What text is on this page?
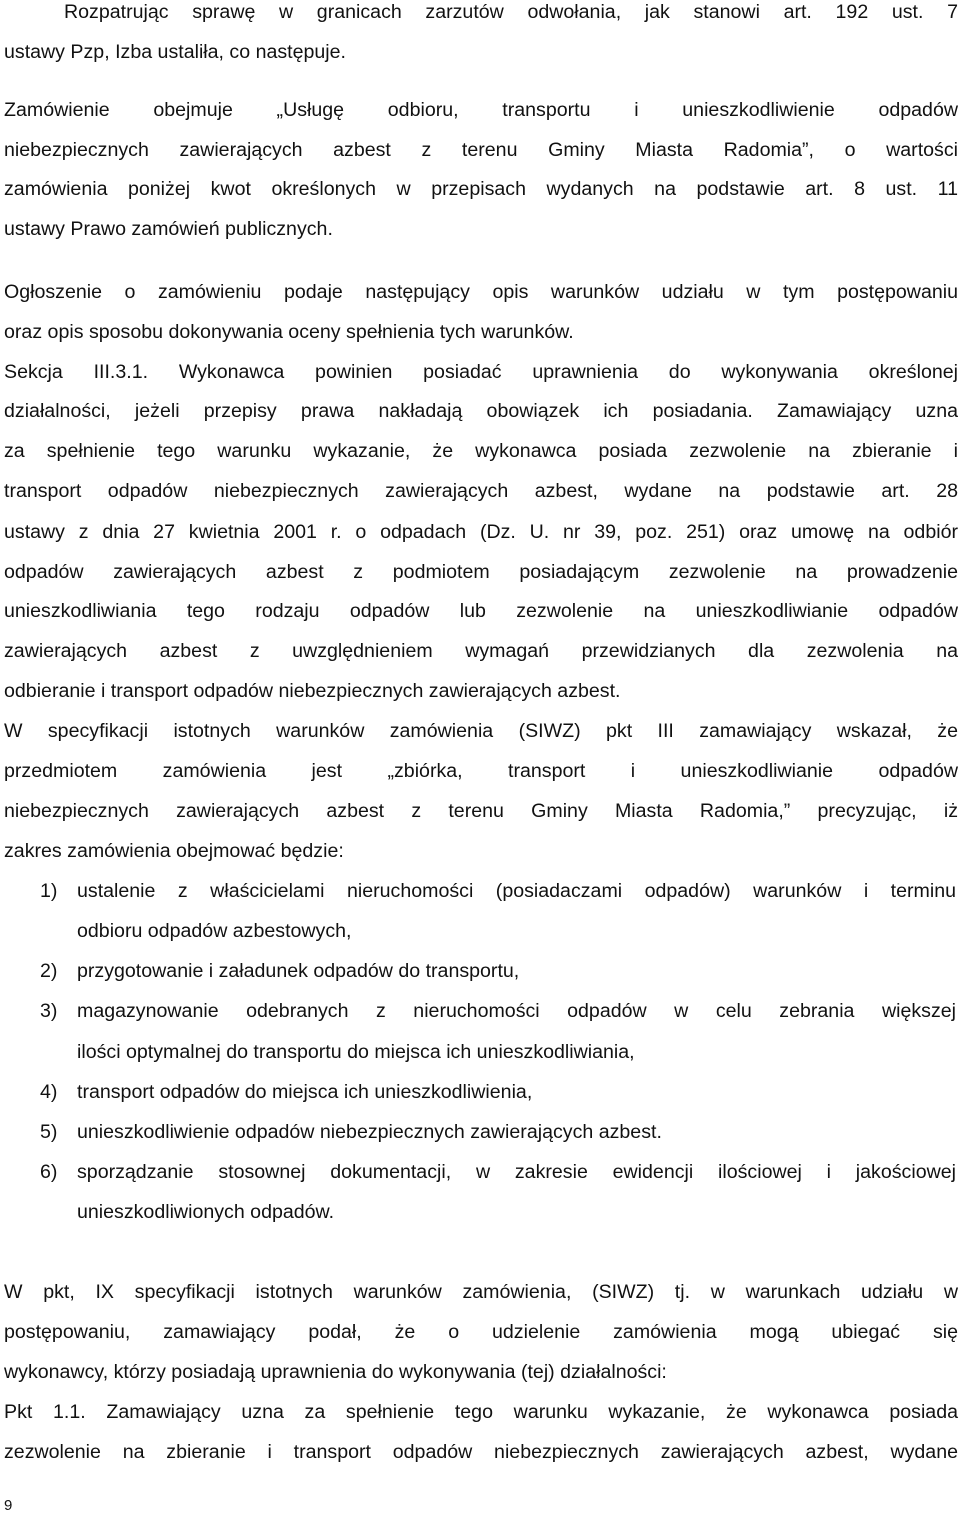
Rozpatrując sprawę w granicach zarzutów odwołania, jak stanowi art. 192 ust. 7
ustawy Pzp, Izba ustaliła, co następuje.
Zamówienie obejmuje „Usługę odbioru, transportu i unieszkodliwienie odpadów
niebezpiecznych zawierających azbest z terenu Gminy Miasta Radomia”, o wartości
zamówienia poniżej kwot określonych w przepisach wydanych na podstawie art. 8 ust. 11
ustawy Prawo zamówień publicznych.
Ogłoszenie o zamówieniu podaje następujący opis warunków udziału w tym postępowaniu
oraz opis sposobu dokonywania oceny spełnienia tych warunków.
Sekcja III.3.1. Wykonawca powinien posiadać uprawnienia do wykonywania określonej
działalności, jeżeli przepisy prawa nakładają obowiązek ich posiadania. Zamawiający uzna
za spełnienie tego warunku wykazanie, że wykonawca posiada zezwolenie na zbieranie i
transport odpadów niebezpiecznych zawierających azbest, wydane na podstawie art. 28
ustawy z dnia 27 kwietnia 2001 r. o odpadach (Dz. U. nr 39, poz. 251) oraz umowę na odbiór
odpadów zawierających azbest z podmiotem posiadającym zezwolenie na prowadzenie
unieszkodliwiania tego rodzaju odpadów lub zezwolenie na unieszkodliwianie odpadów
zawierających azbest z uwzględnieniem wymagań przewidzianych dla zezwolenia na
odbieranie i transport odpadów niebezpiecznych zawierających azbest.
W specyfikacji istotnych warunków zamówienia (SIWZ) pkt III zamawiający wskazał, że
przedmiotem zamówienia jest „zbiórka, transport i unieszkodliwianie odpadów
niebezpiecznych zawierających azbest z terenu Gminy Miasta Radomia,” precyzując, iż
zakres zamówienia obejmować będzie:
1) ustalenie z właścicielami nieruchomości (posiadaczami odpadów) warunków i terminu
odbioru odpadów azbestowych,
2) przygotowanie i załadunek odpadów do transportu,
3) magazynowanie odebranych z nieruchomości odpadów w celu zebrania większej
ilości optymalnej do transportu do miejsca ich unieszkodliwiania,
4) transport odpadów do miejsca ich unieszkodliwienia,
5) unieszkodliwienie odpadów niebezpiecznych zawierających azbest.
6) sporządzanie stosownej dokumentacji, w zakresie ewidencji ilościowej i jakościowej
unieszkodliwionych odpadów.
W pkt, IX specyfikacji istotnych warunków zamówienia, (SIWZ) tj. w warunkach udziału w
postępowaniu, zamawiający podał, że o udzielenie zamówienia mogą ubiegać się
wykonawcy, którzy posiadają uprawnienia do wykonywania (tej) działalności:
Pkt 1.1. Zamawiający uzna za spełnienie tego warunku wykazanie, że wykonawca posiada
zezwolenie na zbieranie i transport odpadów niebezpiecznych zawierających azbest, wydane
9
